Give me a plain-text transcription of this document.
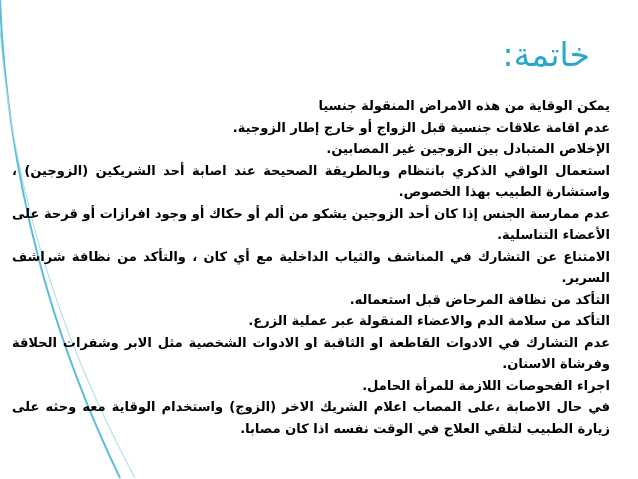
خاتمة:
يمكن الوقاية من هذه الامراض المنقولة جنسيا
عدم اقامة علاقات جنسية قبل الزواج أو خارج إطار الزوجية.
الإخلاص المتبادل بين الزوجين غير المصابين.
استعمال الواقي الذكري بانتظام وبالطريقة الصحيحة عند اصابة أحد الشريكين (الزوجين) ،
واستشارة الطبيب بهذا الخصوص.
عدم ممارسة الجنس إذا كان أحد الزوجين يشكو من ألم أو حكاك أو وجود افرازات أو قرحة على
الأعضاء التناسلية.
الامتناع عن التشارك في المناشف والثياب الداخلية مع أي كان ، والتأكد من نظافة شراشف
السرير.
التأكد من نظافة المرحاض قبل استعماله.
التأكد من سلامة الدم والاعضاء المنقولة عبر عملية الزرع.
عدم التشارك في الادوات القاطعة او الثاقبة او الادوات الشخصية مثل الابر وشفرات الحلاقة
وفرشاة الاسنان.
اجراء الفحوصات اللازمة للمرأة الحامل.
في حال الاصابة ،على المصاب اعلام الشريك الاخر (الزوج) واستخدام الوقاية معه وحثه على
زيارة الطبيب لتلقي العلاج في الوقت نفسه اذا كان مصابا.
